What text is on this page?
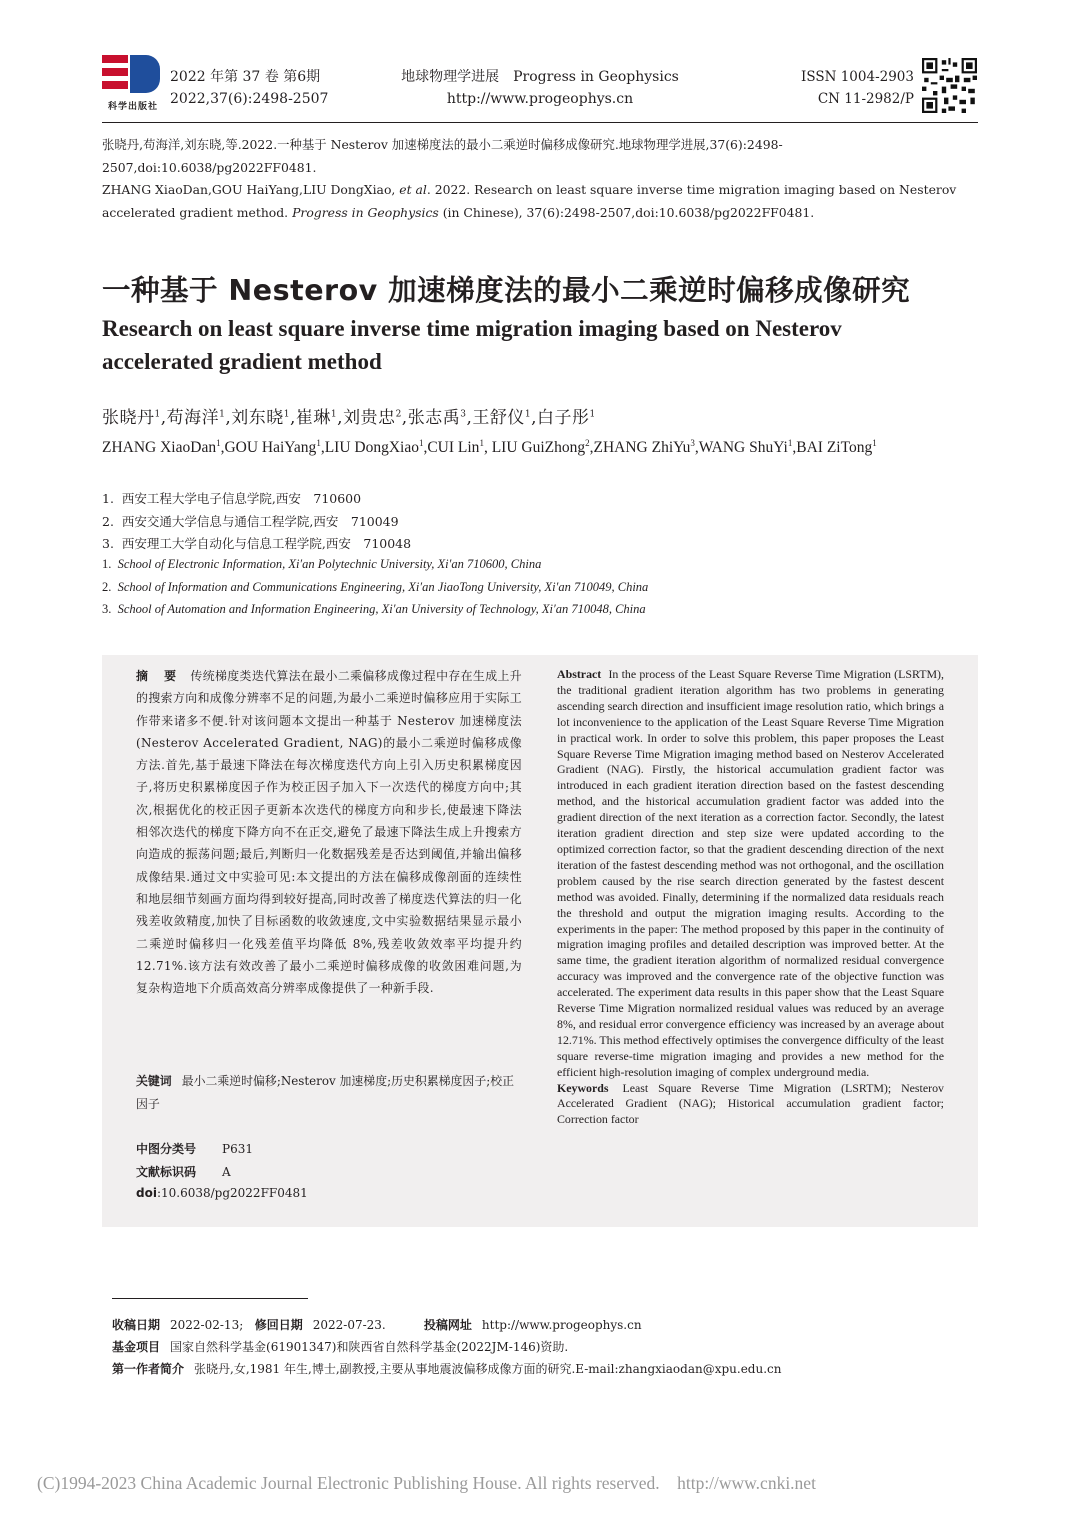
科学出版社
2022 年第 37 卷 第6期
2022,37(6):2498-2507
地球物理学进展　Progress in Geophysics
http://www.progeophys.cn
ISSN 1004-2903
CN 11-2982/P
张晓丹,苟海洋,刘东晓,等.2022.一种基于 Nesterov 加速梯度法的最小二乘逆时偏移成像研究.地球物理学进展,37(6):2498-2507,doi:10.6038/pg2022FF0481.
ZHANG XiaoDan,GOU HaiYang,LIU DongXiao, et al. 2022. Research on least square inverse time migration imaging based on Nesterov accelerated gradient method. Progress in Geophysics (in Chinese), 37(6):2498-2507,doi:10.6038/pg2022FF0481.
一种基于 Nesterov 加速梯度法的最小二乘逆时偏移成像研究
Research on least square inverse time migration imaging based on Nesterov
accelerated gradient method
张晓丹$^1$,苟海洋$^1$,刘东晓$^1$,崔琳$^1$,刘贵忠$^2$,张志禹$^3$,王舒仪$^1$,白子彤$^1$
ZHANG XiaoDan$^1$,GOU HaiYang$^1$,LIU DongXiao$^1$,CUI Lin$^1$, LIU GuiZhong$^2$,ZHANG ZhiYu$^3$,WANG ShuYi$^1$,BAI ZiTong$^1$
1. 西安工程大学电子信息学院,西安　710600
2. 西安交通大学信息与通信工程学院,西安　710049
3. 西安理工大学自动化与信息工程学院,西安　710048
1. School of Electronic Information, Xi′an Polytechnic University, Xi′an 710600, China
2. School of Information and Communications Engineering, Xi′an JiaoTong University, Xi′an 710049, China
3. School of Automation and Information Engineering, Xi′an University of Technology, Xi′an 710048, China
摘 要 传统梯度类迭代算法在最小二乘偏移成像过程中存在生成上升的搜索方向和成像分辨率不足的问题,为最小二乘逆时偏移应用于实际工作带来诸多不便.针对该问题本文提出一种基于 Nesterov 加速梯度法(Nesterov Accelerated Gradient, NAG)的最小二乘逆时偏移成像方法.首先,基于最速下降法在每次梯度迭代方向上引入历史积累梯度因子,将历史积累梯度因子作为校正因子加入下一次迭代的梯度方向中;其次,根据优化的校正因子更新本次迭代的梯度方向和步长,使最速下降法相邻次迭代的梯度下降方向不在正交,避免了最速下降法生成上升搜索方向造成的振荡问题;最后,判断归一化数据残差是否达到阈值,并输出偏移成像结果.通过文中实验可见:本文提出的方法在偏移成像剖面的连续性和地层细节刻画方面均得到较好提高,同时改善了梯度迭代算法的归一化残差收敛精度,加快了目标函数的收敛速度,文中实验数据结果显示最小二乘逆时偏移归一化残差值平均降低 8%,残差收敛效率平均提升约 12.71%.该方法有效改善了最小二乘逆时偏移成像的收敛困难问题,为复杂构造地下介质高效高分辨率成像提供了一种新手段.
关键词 最小二乘逆时偏移;Nesterov 加速梯度;历史积累梯度因子;校正因子
中图分类号 P631
文献标识码 A
doi:10.6038/pg2022FF0481
Abstract In the process of the Least Square Reverse Time Migration (LSRTM), the traditional gradient iteration algorithm has two problems in generating ascending search direction and insufficient image resolution ratio, which brings a lot inconvenience to the application of the Least Square Reverse Time Migration in practical work. In order to solve this problem, this paper proposes the Least Square Reverse Time Migration imaging method based on Nesterov Accelerated Gradient (NAG). Firstly, the historical accumulation gradient factor was introduced in each gradient iteration direction based on the fastest descending method, and the historical accumulation gradient factor was added into the gradient direction of the next iteration as a correction factor. Secondly, the latest iteration gradient direction and step size were updated according to the optimized correction factor, so that the gradient descending direction of the next iteration of the fastest descending method was not orthogonal, and the oscillation problem caused by the rise search direction generated by the fastest descent method was avoided. Finally, determining if the normalized data residuals reach the threshold and output the migration imaging results. According to the experiments in the paper: The method proposed by this paper in the continuity of migration imaging profiles and detailed description was improved better. At the same time, the gradient iteration algorithm of normalized residual convergence accuracy was improved and the convergence rate of the objective function was accelerated. The experiment data results in this paper show that the Least Square Reverse Time Migration normalized residual values was reduced by an average 8%, and residual error convergence efficiency was increased by an average about 12.71%. This method effectively optimises the convergence difficulty of the least square reverse-time migration imaging and provides a new method for the efficient high-resolution imaging of complex underground media.
Keywords Least Square Reverse Time Migration (LSRTM); Nesterov Accelerated Gradient (NAG); Historical accumulation gradient factor; Correction factor
收稿日期 2022-02-13; 修回日期 2022-07-23.	投稿网址 http://www.progeophys.cn
基金项目 国家自然科学基金(61901347)和陕西省自然科学基金(2022JM-146)资助.
第一作者简介 张晓丹,女,1981 年生,博士,副教授,主要从事地震波偏移成像方面的研究.E-mail:zhangxiaodan@xpu.edu.cn
(C)1994-2023 China Academic Journal Electronic Publishing House. All rights reserved.　http://www.cnki.net
